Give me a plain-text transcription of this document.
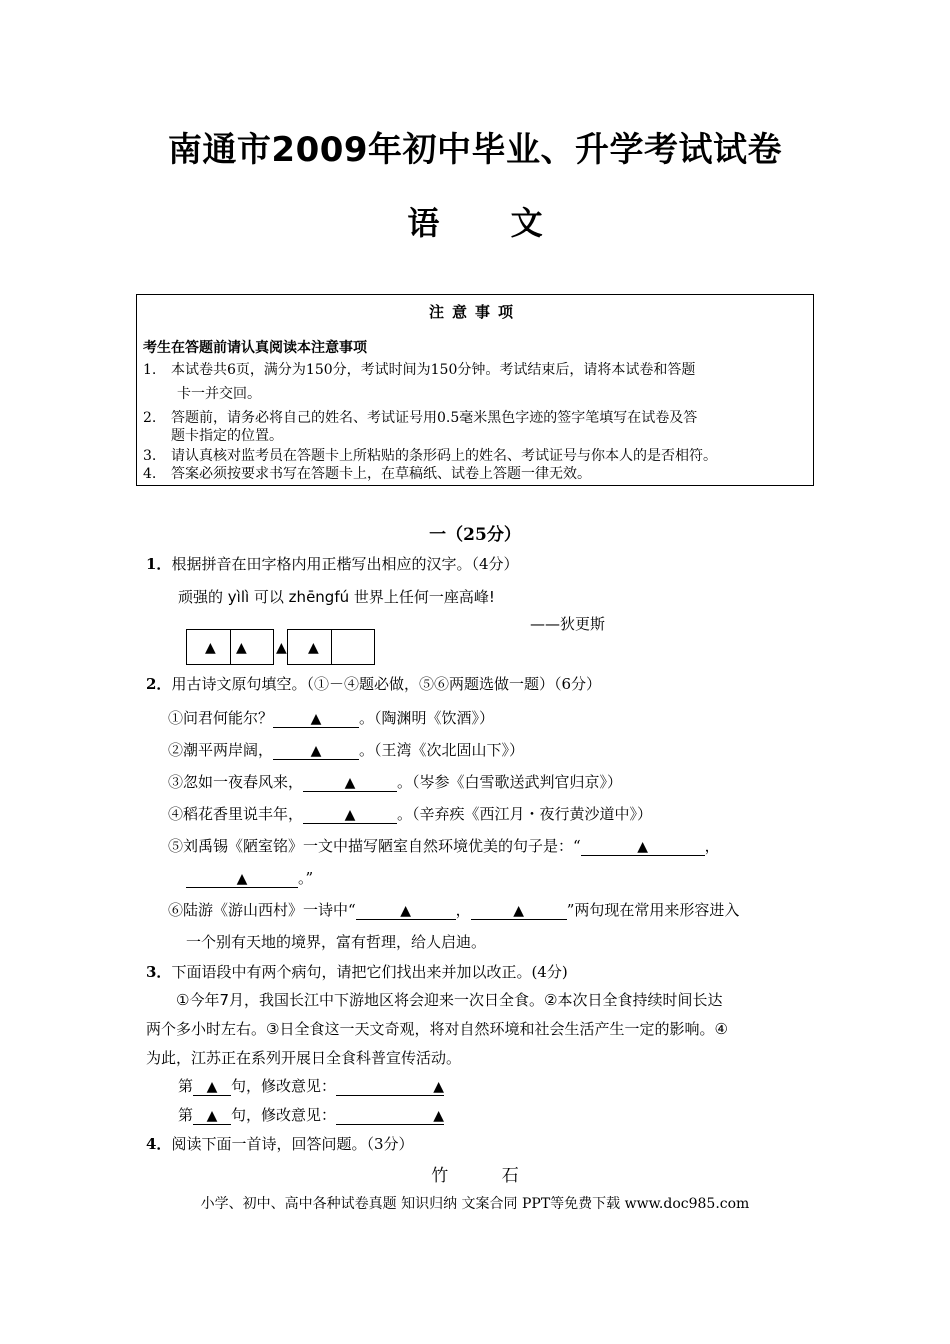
南通市2009年初中毕业、升学考试试卷
语 文
注意事项
考生在答题前请认真阅读本注意事项
1. 本试卷共6页，满分为150分，考试时间为150分钟。考试结束后，请将本试卷和答题
卡一并交回。
2. 答题前，请务必将自己的姓名、考试证号用0.5毫米黑色字迹的签字笔填写在试卷及答
题卡指定的位置。
3. 请认真核对监考员在答题卡上所粘贴的条形码上的姓名、考试证号与你本人的是否相符。
4. 答案必须按要求书写在答题卡上，在草稿纸、试卷上答题一律无效。
一（25分）
1．根据拼音在田字格内用正楷写出相应的汉字。（4分）
顽强的 yìlì 可以 zhēngfú 世界上任何一座高峰!
——狄更斯
▲ ▲ ▲ ▲
2．用古诗文原句填空。（①－④题必做，⑤⑥两题选做一题）（6分）
①问君何能尔？	▲	。（陶渊明《饮酒》）
②潮平两岸阔，	▲	。（王湾《次北固山下》）
③忽如一夜春风来，	▲	。（岑参《白雪歌送武判官归京》）
④稻花香里说丰年，	▲	。（辛弃疾《西江月・夜行黄沙道中》）
⑤刘禹锡《陋室铭》一文中描写陋室自然环境优美的句子是：“	▲	，
▲	。”
⑥陆游《游山西村》一诗中“	▲	，	▲	”两句现在常用来形容进入
一个别有天地的境界，富有哲理，给人启迪。
3．下面语段中有两个病句，请把它们找出来并加以改正。(4分)
①今年7月，我国长江中下游地区将会迎来一次日全食。②本次日全食持续时间长达
两个多小时左右。③日全食这一天文奇观，将对自然环境和社会生活产生一定的影响。④
为此，江苏正在系列开展日全食科普宣传活动。
第 ▲ 句，修改意见：	▲
第 ▲ 句，修改意见：	▲
4．阅读下面一首诗，回答问题。（3分）
竹 石
小学、初中、高中各种试卷真题 知识归纳 文案合同 PPT等免费下载 www.doc985.com
